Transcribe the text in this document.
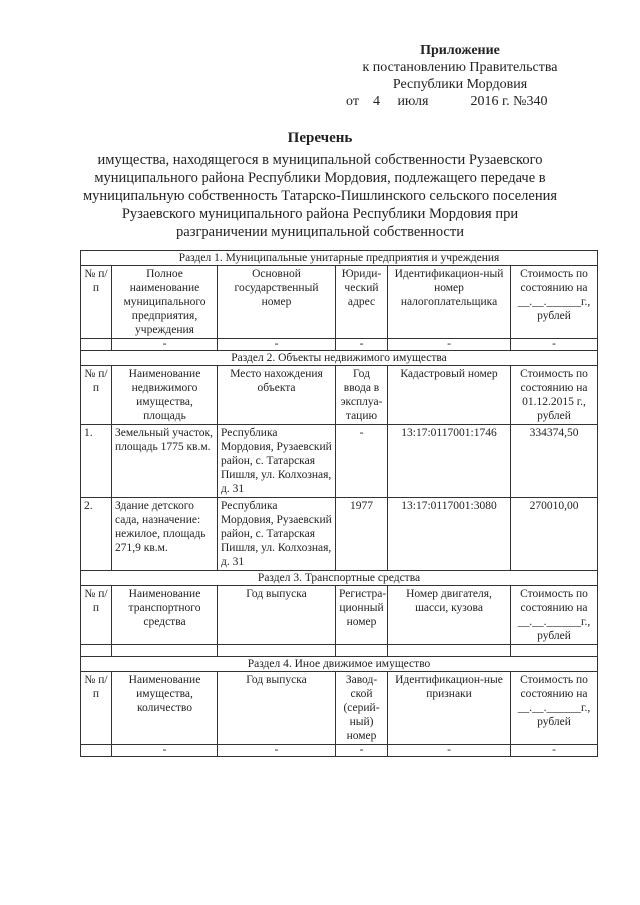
Приложение
к постановлению Правительства
Республики Мордовия
от 4 июля	2016 г. №340
Перечень
имущества, находящегося в муниципальной собственности Рузаевского муниципального района Республики Мордовия, подлежащего передаче в муниципальную собственность Татарско-Пишлинского сельского поселения Рузаевского муниципального района Республики Мордовия при разграничении муниципальной собственности
Раздел 1. Муниципальные унитарные предприятия и учреждения					
№ п/п	Полное наименование муниципального предприятия, учреждения	Основной государственный номер	Юриди-ческий адрес	Идентификацион-ный номер налогоплательщика	Стоимость по состоянию на __.__.______г., рублей
	-	-	-	-	-
Раздел 2. Объекты недвижимого имущества					
№ п/п	Наименование недвижимого имущества, площадь	Место нахождения объекта	Год ввода в эксплуа-тацию	Кадастровый номер	Стоимость по состоянию на 01.12.2015 г., рублей
1.	Земельный участок, площадь 1775 кв.м.	Республика Мордовия, Рузаевский район, с. Татарская Пишля, ул. Колхозная, д. 31	-	13:17:0117001:1746	334374,50
2.	Здание детского сада, назначение: нежилое, площадь 271,9 кв.м.	Республика Мордовия, Рузаевский район, с. Татарская Пишля, ул. Колхозная, д. 31	1977	13:17:0117001:3080	270010,00
Раздел 3. Транспортные средства					
№ п/п	Наименование транспортного средства	Год выпуска	Регистра-ционный номер	Номер двигателя, шасси, кузова	Стоимость по состоянию на __.__.______г., рублей

Раздел 4. Иное движимое имущество					
№ п/п	Наименование имущества, количество	Год выпуска	Завод-ской (серий-ный) номер	Идентификацион-ные признаки	Стоимость по состоянию на __.__.______г., рублей
	-	-	-	-	-
